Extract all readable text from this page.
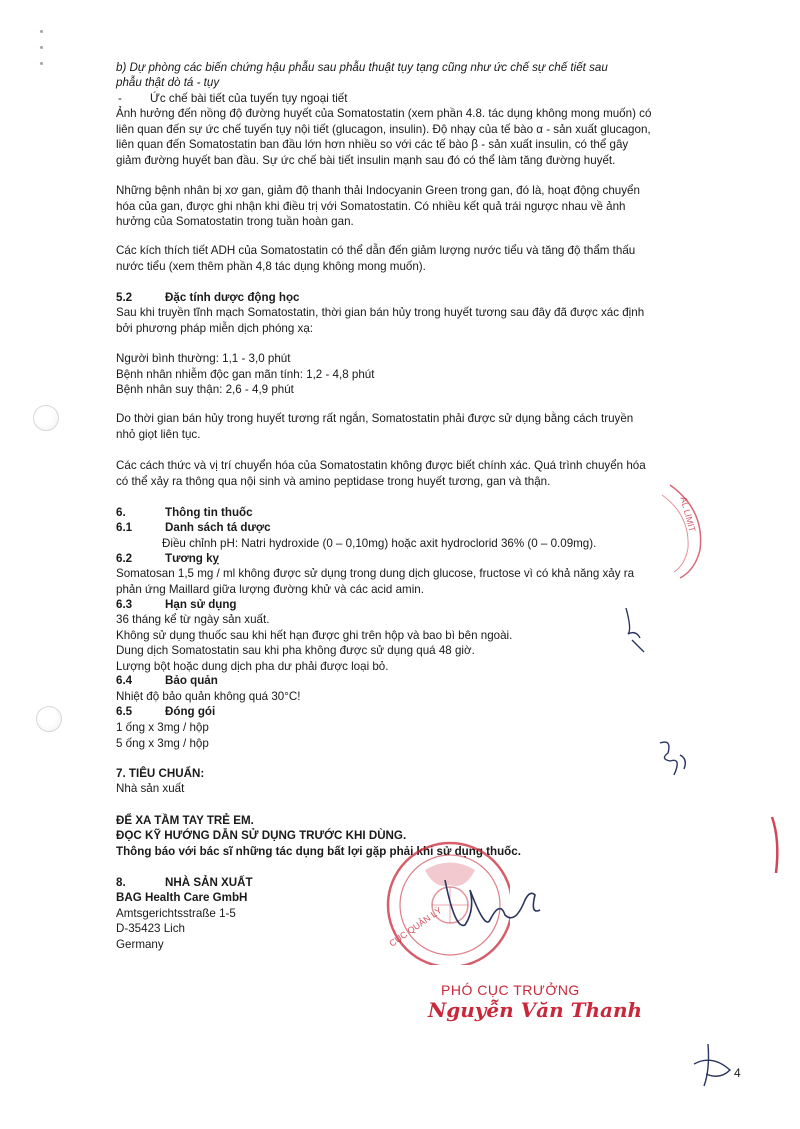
b) Dự phòng các biến chứng hậu phẫu sau phẫu thuật tụy tạng cũng như ức chế sự chế tiết sau
phẫu thật dò tá - tụy
- Ức chế bài tiết của tuyến tụy ngoại tiết
Ảnh hưởng đến nồng độ đường huyết của Somatostatin (xem phần 4.8. tác dụng không mong muốn) có
liên quan đến sự ức chế tuyến tụy nội tiết (glucagon, insulin). Độ nhạy của tế bào α - sản xuất glucagon,
liên quan đến Somatostatin ban đầu lớn hơn nhiều so với các tế bào β - sản xuất insulin, có thể gây
giảm đường huyết ban đầu. Sự ức chế bài tiết insulin mạnh sau đó có thể làm tăng đường huyết.
Những bệnh nhân bị xơ gan, giảm độ thanh thải Indocyanin Green trong gan, đó là, hoạt động chuyển
hóa của gan, được ghi nhận khi điều trị với Somatostatin. Có nhiều kết quả trái ngược nhau về ảnh
hưởng của Somatostatin trong tuần hoàn gan.
Các kích thích tiết ADH của Somatostatin có thể dẫn đến giảm lượng nước tiểu và tăng độ thẩm thấu
nước tiểu (xem thêm phần 4,8 tác dụng không mong muốn).
5.2	Đặc tính dược động học
Sau khi truyền tĩnh mạch Somatostatin, thời gian bán hủy trong huyết tương sau đây đã được xác định
bởi phương pháp miễn dịch phóng xạ:
Người bình thường: 1,1 - 3,0 phút
Bệnh nhân nhiễm độc gan mãn tính: 1,2 - 4,8 phút
Bệnh nhân suy thận: 2,6 - 4,9 phút
Do thời gian bán hủy trong huyết tương rất ngắn, Somatostatin phải được sử dụng bằng cách truyền
nhỏ giọt liên tục.
Các cách thức và vị trí chuyển hóa của Somatostatin không được biết chính xác. Quá trình chuyển hóa
có thể xảy ra thông qua nội sinh và amino peptidase trong huyết tương, gan và thận.
6.	Thông tin thuốc
6.1	Danh sách tá dược
Điều chỉnh pH: Natri hydroxide (0 – 0,10mg) hoặc axit hydroclorid 36% (0 – 0.09mg).
6.2	Tương kỵ
Somatosan 1,5 mg / ml không được sử dụng trong dung dịch glucose, fructose vì có khả năng xảy ra
phản ứng Maillard giữa lượng đường khử và các acid amin.
6.3	Hạn sử dụng
36 tháng kể từ ngày sản xuất.
Không sử dụng thuốc sau khi hết hạn được ghi trên hộp và bao bì bên ngoài.
Dung dịch Somatostatin sau khi pha không được sử dụng quá 48 giờ.
Lượng bột hoặc dung dịch pha dư phải được loại bỏ.
6.4	Bảo quản
Nhiệt độ bảo quản không quá 30°C!
6.5	Đóng gói
1 ống x 3mg / hộp
5 ống x 3mg / hộp
7. TIÊU CHUẨN:
Nhà sản xuất
ĐỂ XA TẦM TAY TRẺ EM.
ĐỌC KỸ HƯỚNG DẪN SỬ DỤNG TRƯỚC KHI DÙNG.
Thông báo với bác sĩ những tác dụng bất lợi gặp phải khi sử dụng thuốc.
8.	NHÀ SẢN XUẤT
BAG Health Care GmbH
Amtsgerichtsstraße 1-5
D-35423 Lich
Germany	CỤC QUẢN LÝ
PHÓ CỤC TRƯỞNG
Nguyễn Văn Thanh
AL LIMIT
4
